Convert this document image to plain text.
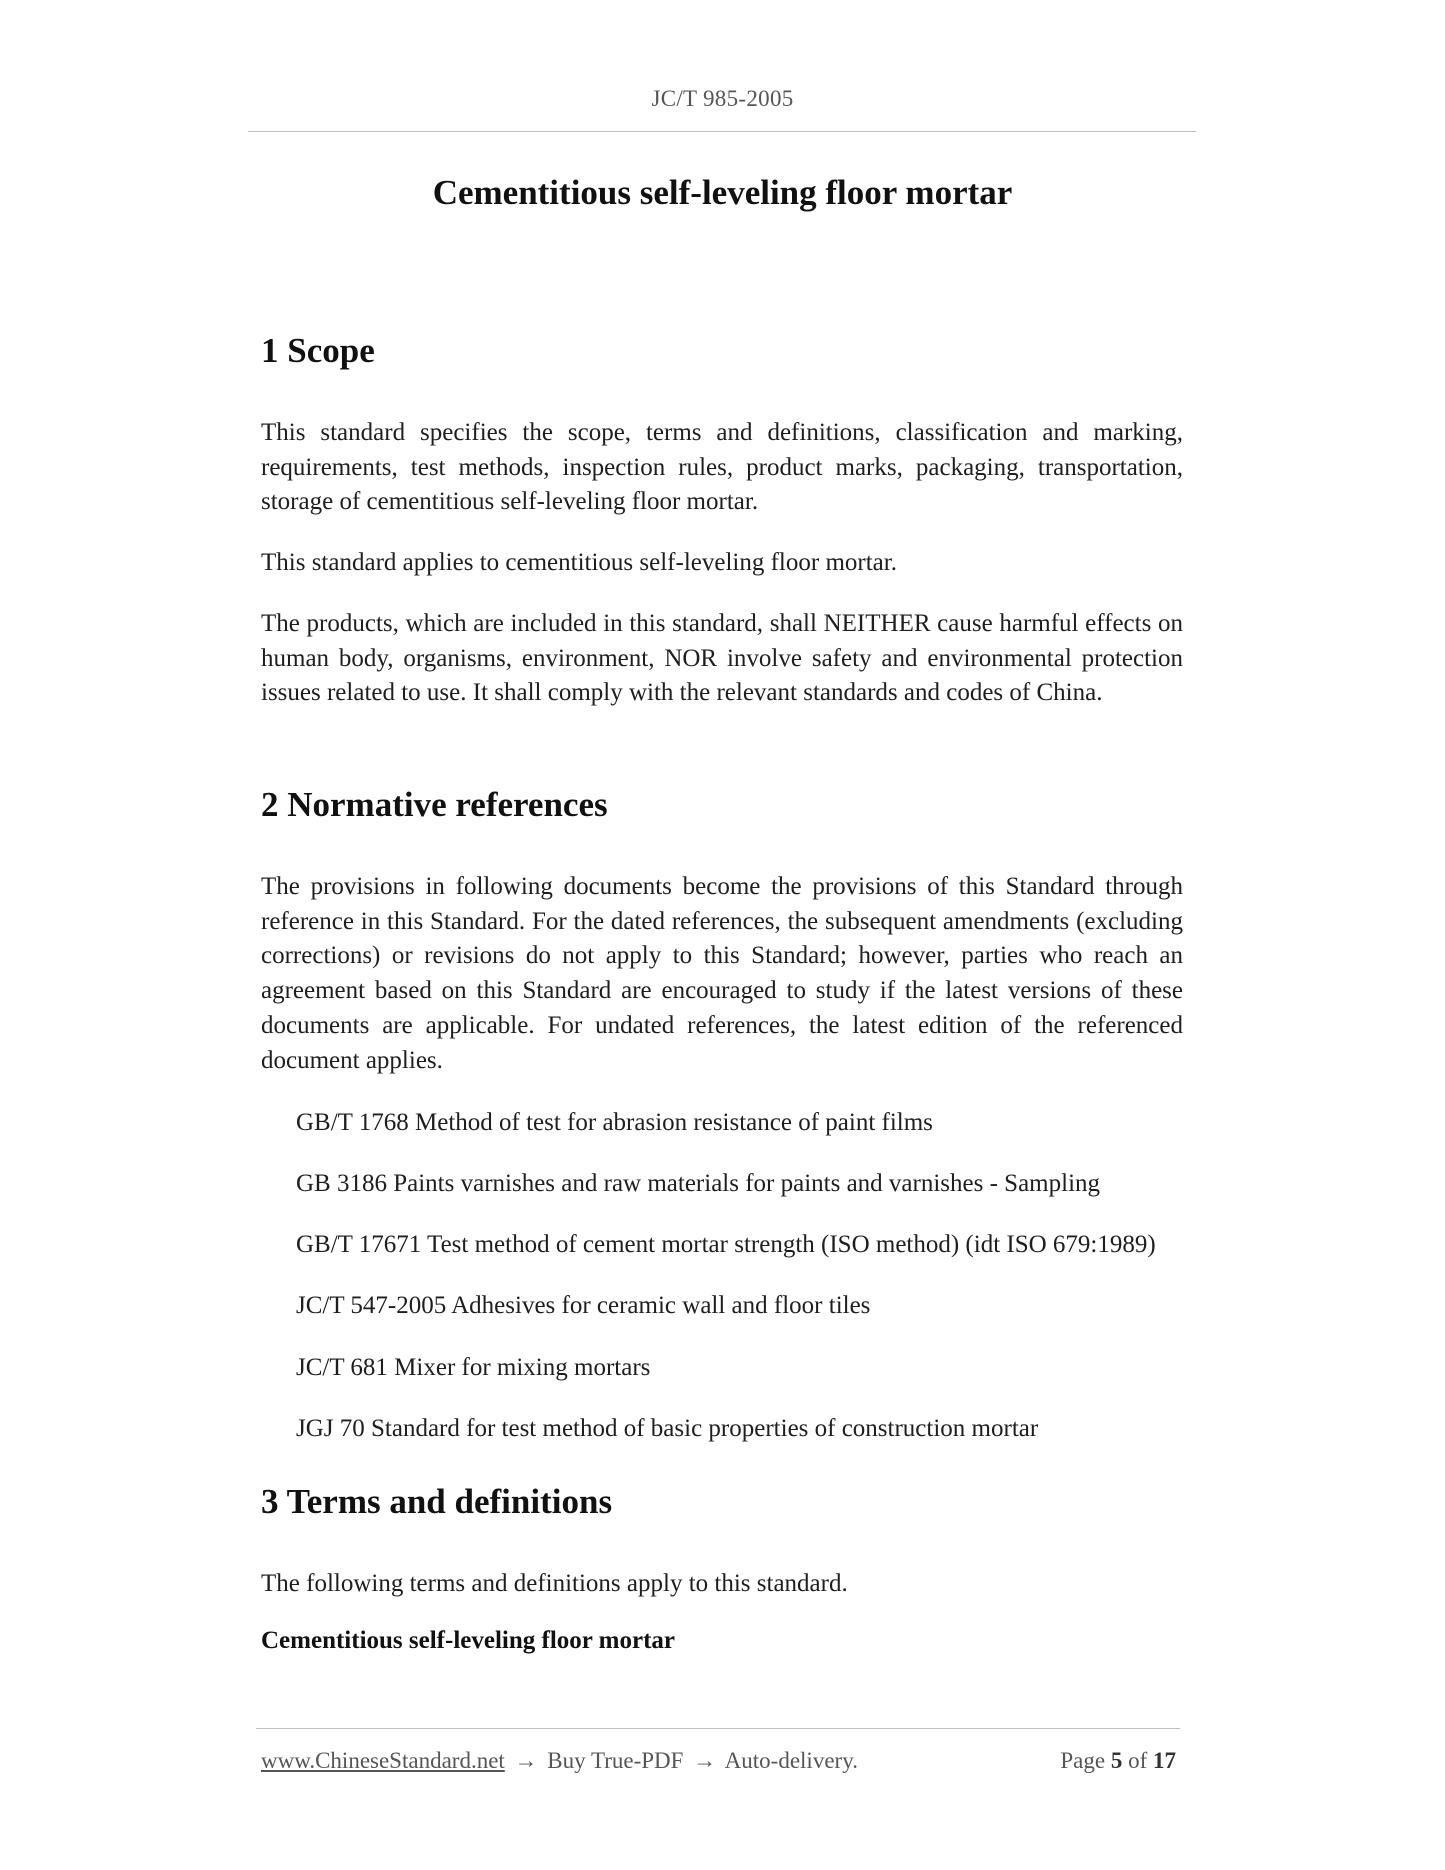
JC/T 985-2005
Cementitious self-leveling floor mortar
1 Scope

This standard specifies the scope, terms and definitions, classification and marking, requirements, test methods, inspection rules, product marks, packaging, transportation, storage of cementitious self-leveling floor mortar.

This standard applies to cementitious self-leveling floor mortar.

The products, which are included in this standard, shall NEITHER cause harmful effects on human body, organisms, environment, NOR involve safety and environmental protection issues related to use. It shall comply with the relevant standards and codes of China.

2 Normative references

The provisions in following documents become the provisions of this Standard through reference in this Standard. For the dated references, the subsequent amendments (excluding corrections) or revisions do not apply to this Standard; however, parties who reach an agreement based on this Standard are encouraged to study if the latest versions of these documents are applicable. For undated references, the latest edition of the referenced document applies.

GB/T 1768 Method of test for abrasion resistance of paint films

GB 3186 Paints varnishes and raw materials for paints and varnishes - Sampling

GB/T 17671 Test method of cement mortar strength (ISO method) (idt ISO 679:1989)

JC/T 547-2005 Adhesives for ceramic wall and floor tiles

JC/T 681 Mixer for mixing mortars

JGJ 70 Standard for test method of basic properties of construction mortar

3 Terms and definitions

The following terms and definitions apply to this standard.

Cementitious self-leveling floor mortar

www.ChineseStandard.net → Buy True-PDF → Auto-delivery.	Page 5 of 17
